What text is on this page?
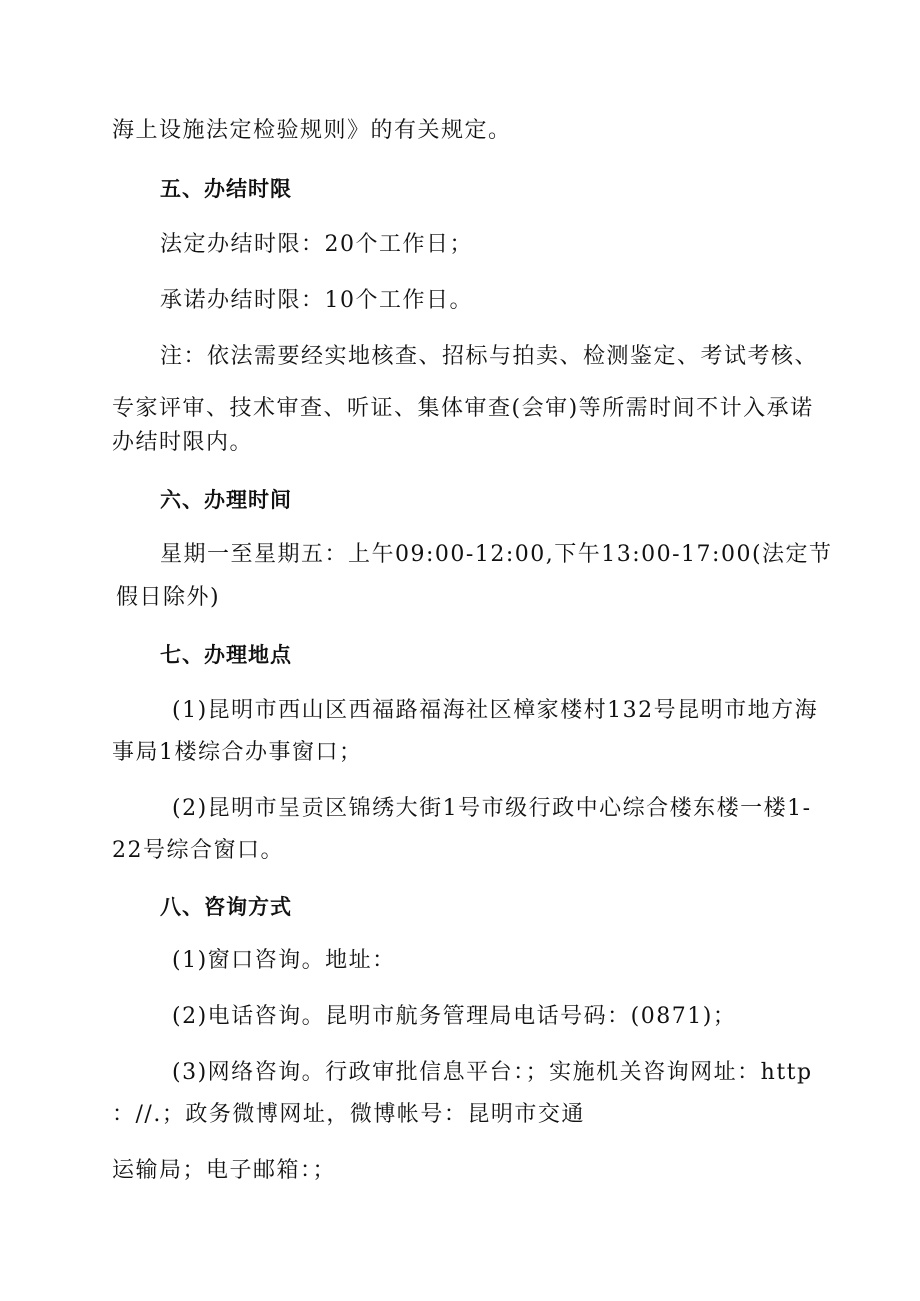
海上设施法定检验规则》的有关规定。
五、办结时限
法定办结时限：20个工作日；
承诺办结时限：10个工作日。
注：依法需要经实地核查、招标与拍卖、检测鉴定、考试考核、
专家评审、技术审查、听证、集体审查(会审)等所需时间不计入承诺
办结时限内。
六、办理时间
星期一至星期五：上午09:00-12:00,下午13:00-17:00(法定节
假日除外)
七、办理地点
(1)昆明市西山区西福路福海社区樟家楼村132号昆明市地方海
事局1楼综合办事窗口；
(2)昆明市呈贡区锦绣大街1号市级行政中心综合楼东楼一楼1-
22号综合窗口。
八、咨询方式
(1)窗口咨询。地址：
(2)电话咨询。昆明市航务管理局电话号码：(0871)；
(3)网络咨询。行政审批信息平台：；实施机关咨询网址：http
：//.；政务微博网址，微博帐号：昆明市交通
运输局；电子邮箱：；
